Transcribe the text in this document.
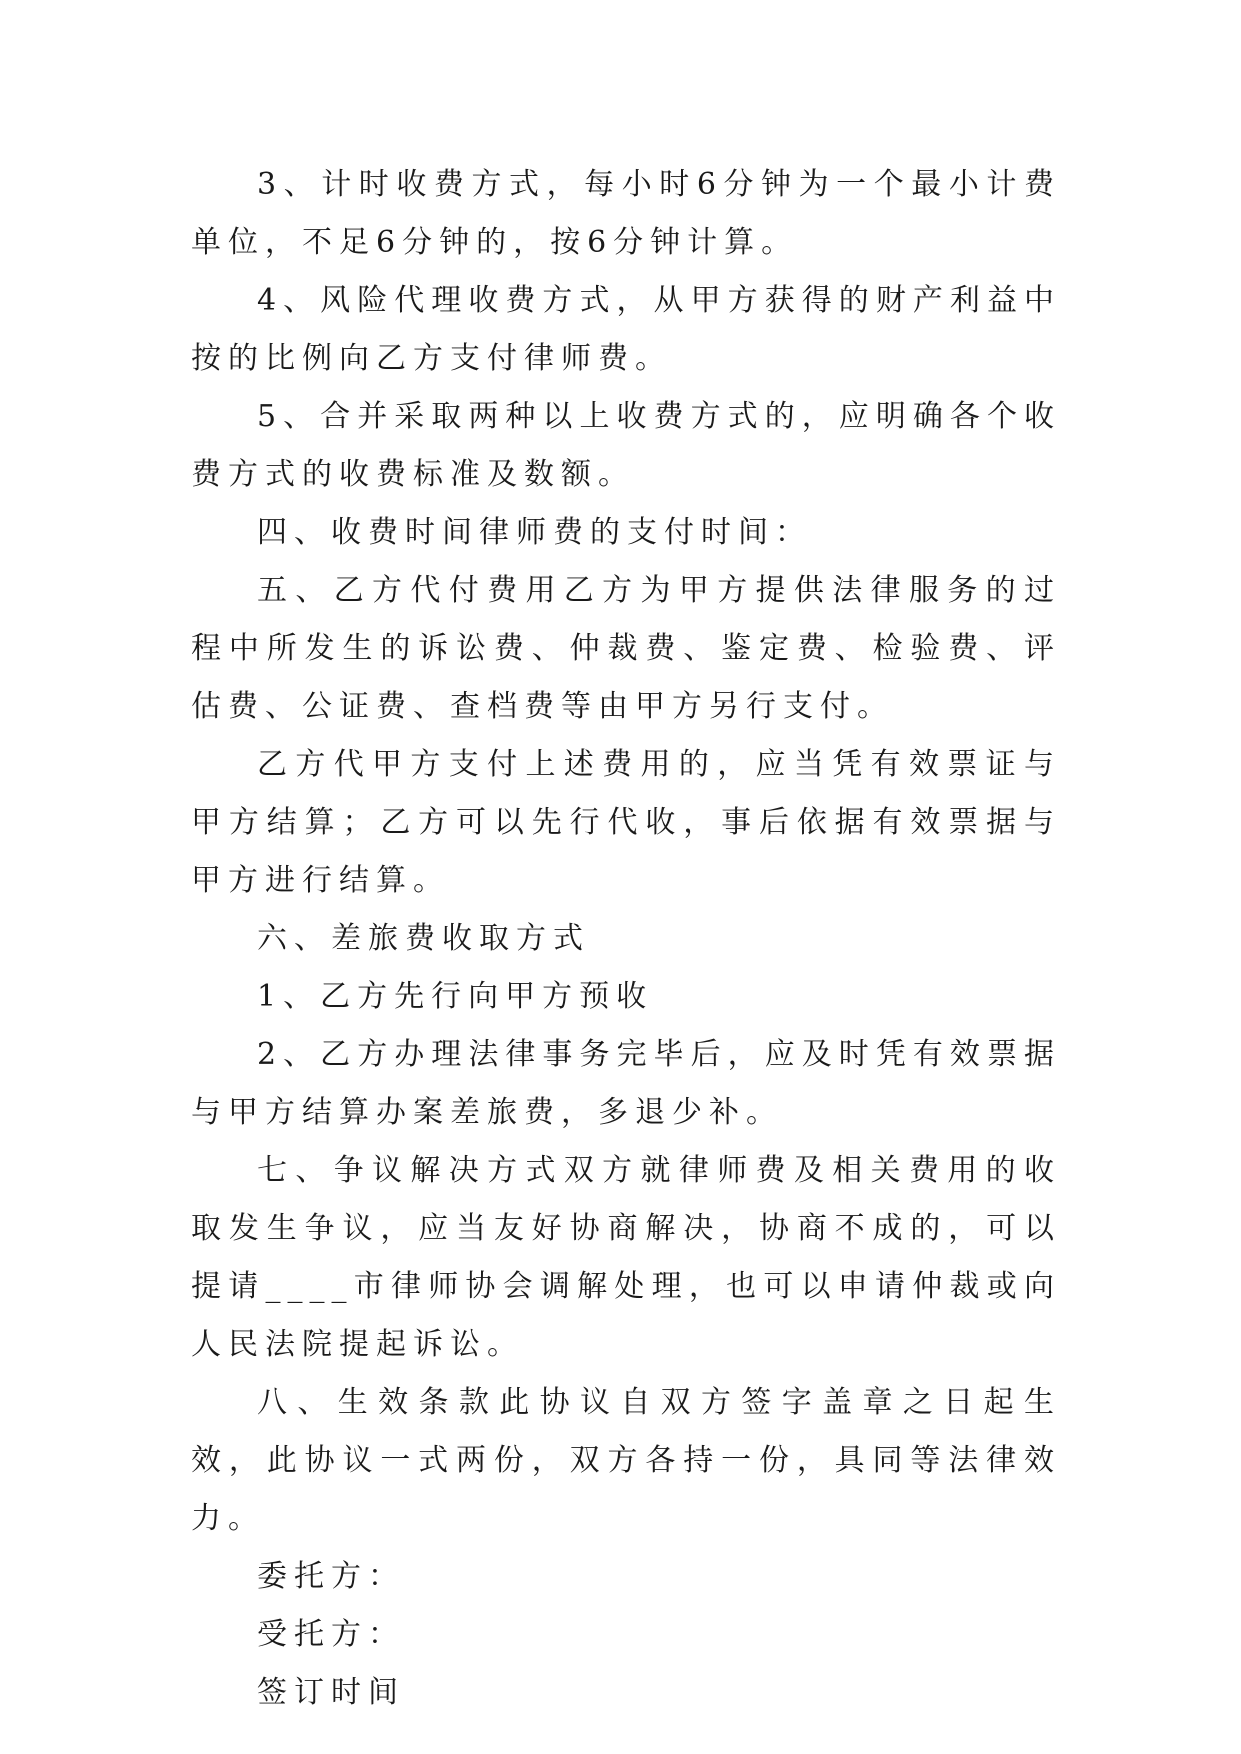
3、计时收费方式，每小时6分钟为一个最小计费单位，不足6分钟的，按6分钟计算。

4、风险代理收费方式，从甲方获得的财产利益中按的比例向乙方支付律师费。

5、合并采取两种以上收费方式的，应明确各个收费方式的收费标准及数额。

四、收费时间律师费的支付时间：

五、乙方代付费用乙方为甲方提供法律服务的过程中所发生的诉讼费、仲裁费、鉴定费、检验费、评估费、公证费、查档费等由甲方另行支付。

乙方代甲方支付上述费用的，应当凭有效票证与甲方结算；乙方可以先行代收，事后依据有效票据与甲方进行结算。

六、差旅费收取方式

1、乙方先行向甲方预收

2、乙方办理法律事务完毕后，应及时凭有效票据与甲方结算办案差旅费，多退少补。

七、争议解决方式双方就律师费及相关费用的收取发生争议，应当友好协商解决，协商不成的，可以提请____市律师协会调解处理，也可以申请仲裁或向人民法院提起诉讼。

八、生效条款此协议自双方签字盖章之日起生效，此协议一式两份，双方各持一份，具同等法律效力。

委托方：

受托方：

签订时间
